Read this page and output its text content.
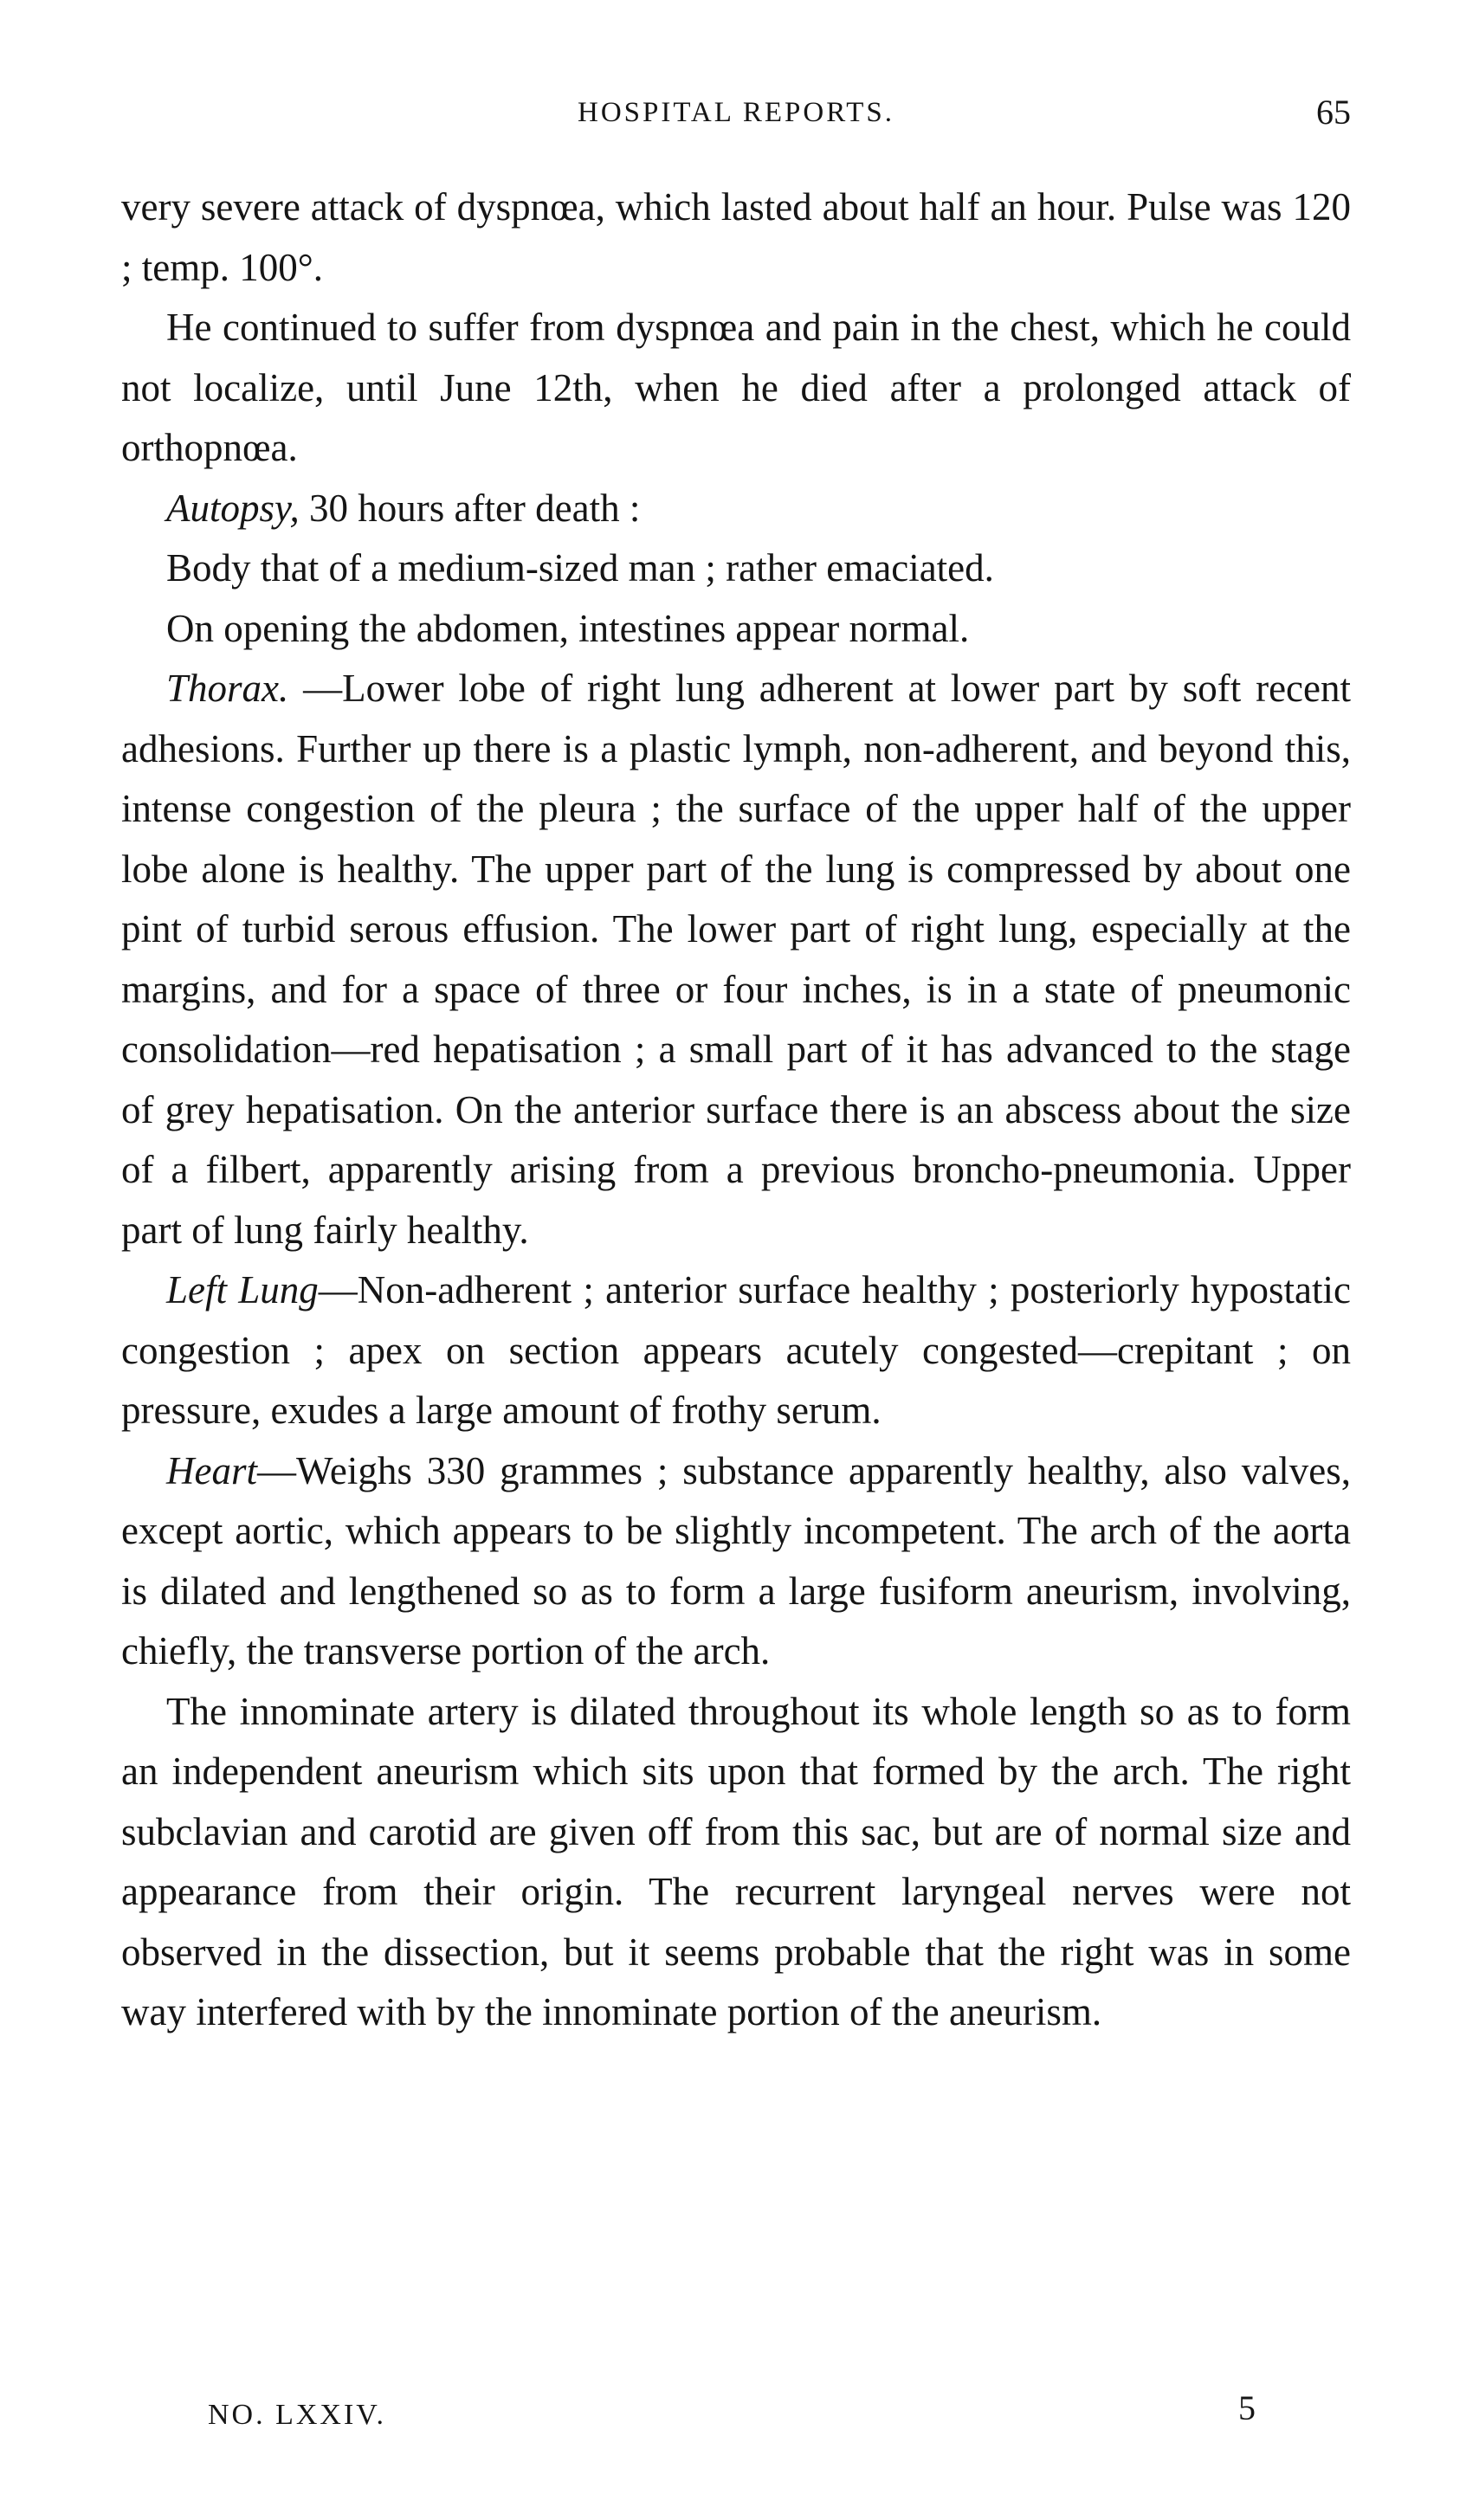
HOSPITAL REPORTS.	65

very severe attack of dyspnœa, which lasted about half an hour. Pulse was 120 ; temp. 100°.

He continued to suffer from dyspnœa and pain in the chest, which he could not localize, until June 12th, when he died after a prolonged attack of orthopnœa.

Autopsy, 30 hours after death :

Body that of a medium-sized man ; rather emaciated.

On opening the abdomen, intestines appear normal.

Thorax. —Lower lobe of right lung adherent at lower part by soft recent adhesions. Further up there is a plastic lymph, non-adherent, and beyond this, intense congestion of the pleura ; the surface of the upper half of the upper lobe alone is healthy. The upper part of the lung is compressed by about one pint of turbid serous effusion. The lower part of right lung, especially at the margins, and for a space of three or four inches, is in a state of pneumonic consolidation—red hepatisation ; a small part of it has advanced to the stage of grey hepatisation. On the anterior surface there is an abscess about the size of a filbert, apparently arising from a previous broncho-pneumonia. Upper part of lung fairly healthy.

Left Lung—Non-adherent ; anterior surface healthy ; posteriorly hypostatic congestion ; apex on section appears acutely congested—crepitant ; on pressure, exudes a large amount of frothy serum.

Heart—Weighs 330 grammes ; substance apparently healthy, also valves, except aortic, which appears to be slightly incompetent. The arch of the aorta is dilated and lengthened so as to form a large fusiform aneurism, involving, chiefly, the transverse portion of the arch.

The innominate artery is dilated throughout its whole length so as to form an independent aneurism which sits upon that formed by the arch. The right subclavian and carotid are given off from this sac, but are of normal size and appearance from their origin. The recurrent laryngeal nerves were not observed in the dissection, but it seems probable that the right was in some way interfered with by the innominate portion of the aneurism.

NO. LXXIV.	5
